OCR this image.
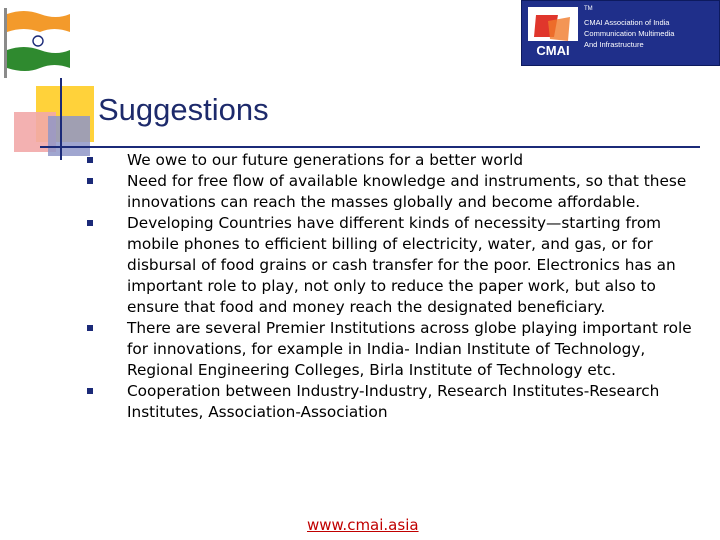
CMAI
TM
CMAI Association of India
Communication Multimedia
And Infrastructure
Suggestions
We owe to our future generations for a better world
Need for free flow of available knowledge and instruments, so that these innovations can reach the masses globally and become affordable.
Developing Countries have different kinds of necessity—starting from mobile phones to efficient billing of electricity, water, and gas, or for disbursal of food grains or cash transfer for the poor. Electronics has an important role to play, not only to reduce the paper work, but also to ensure that food and money reach the designated beneficiary.
There are several Premier Institutions across globe playing important role for innovations, for example in India- Indian Institute of Technology, Regional Engineering Colleges, Birla Institute of Technology etc.
Cooperation between Industry-Industry, Research Institutes-Research Institutes, Association-Association
www.cmai.asia
